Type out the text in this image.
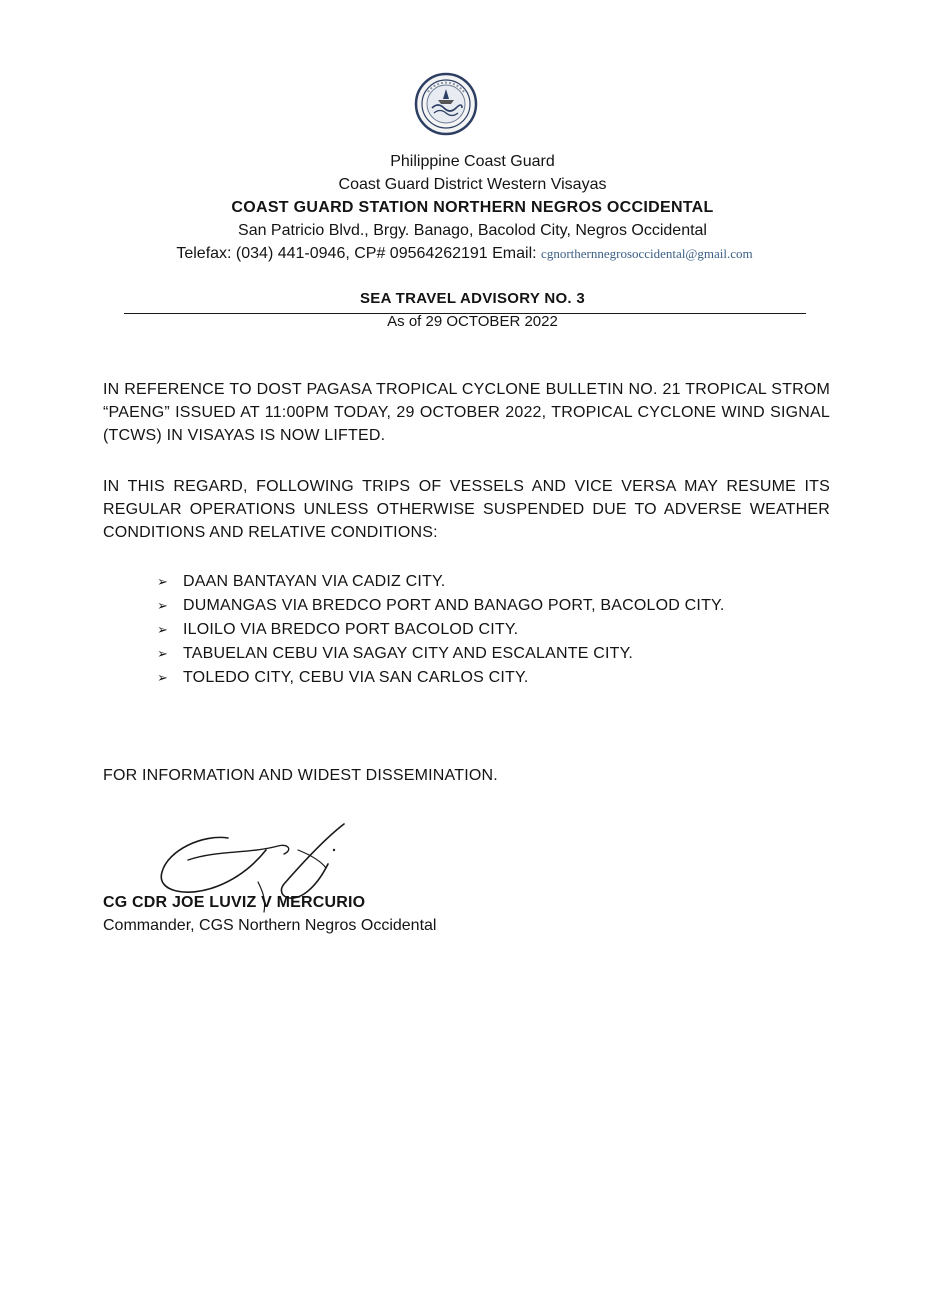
Philippine Coast Guard
Coast Guard District Western Visayas
COAST GUARD STATION NORTHERN NEGROS OCCIDENTAL
San Patricio Blvd., Brgy. Banago, Bacolod City, Negros Occidental
Telefax: (034) 441-0946, CP# 09564262191 Email: cgnorthernnegrosoccidental@gmail.com
SEA TRAVEL ADVISORY NO. 3
As of 29 OCTOBER 2022
IN REFERENCE TO DOST PAGASA TROPICAL CYCLONE BULLETIN NO. 21 TROPICAL STROM “PAENG” ISSUED AT 11:00PM TODAY, 29 OCTOBER 2022, TROPICAL CYCLONE WIND SIGNAL (TCWS) IN VISAYAS IS NOW LIFTED.
IN THIS REGARD, FOLLOWING TRIPS OF VESSELS AND VICE VERSA MAY RESUME ITS REGULAR OPERATIONS UNLESS OTHERWISE SUSPENDED DUE TO ADVERSE WEATHER CONDITIONS AND RELATIVE CONDITIONS:
➢ DAAN BANTAYAN VIA CADIZ CITY.
➢ DUMANGAS VIA BREDCO PORT AND BANAGO PORT, BACOLOD CITY.
➢ ILOILO VIA BREDCO PORT BACOLOD CITY.
➢ TABUELAN CEBU VIA SAGAY CITY AND ESCALANTE CITY.
➢ TOLEDO CITY, CEBU VIA SAN CARLOS CITY.
FOR INFORMATION AND WIDEST DISSEMINATION.
CG CDR JOE LUVIZ V MERCURIO
Commander, CGS Northern Negros Occidental
